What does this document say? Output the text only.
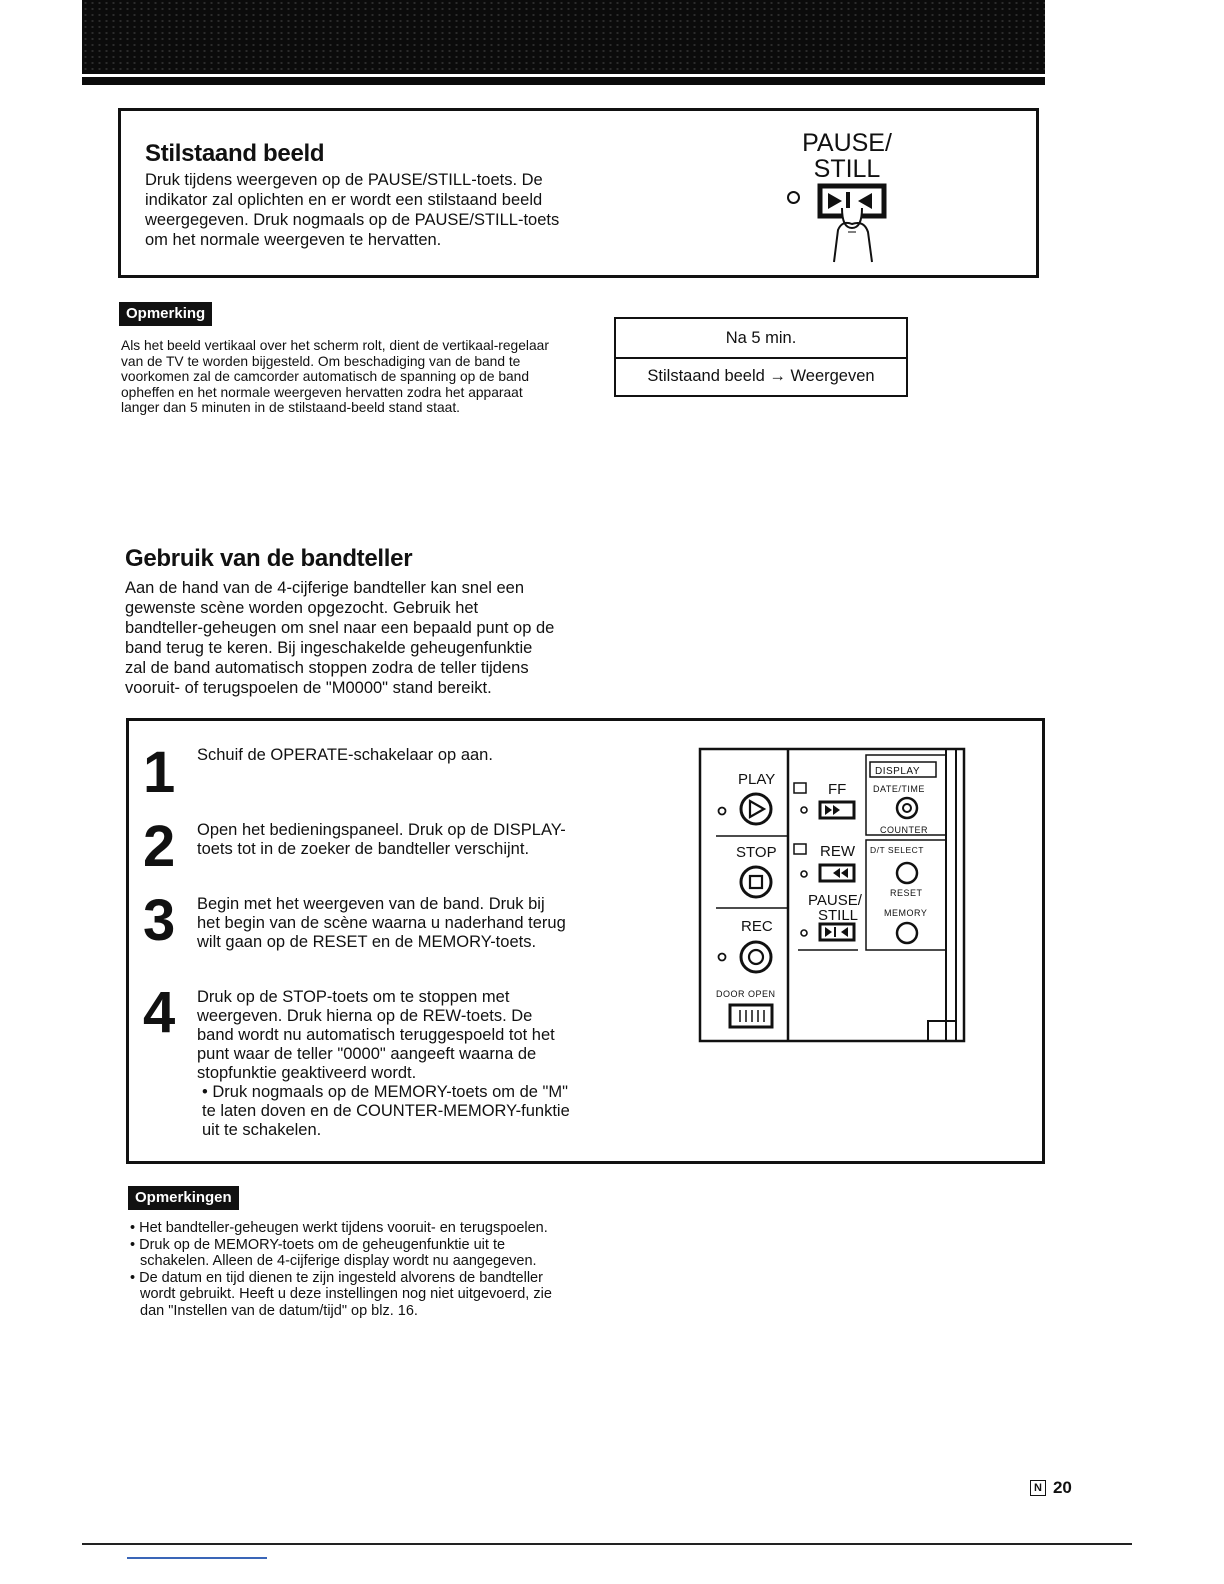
Stilstaand beeld
Druk tijdens weergeven op de PAUSE/STILL-toets. De indikator zal oplichten en er wordt een stilstaand beeld weergegeven. Druk nogmaals op de PAUSE/STILL-toets om het normale weergeven te hervatten.
PAUSE/
STILL
Opmerking
Als het beeld vertikaal over het scherm rolt, dient de vertikaal-regelaar van de TV te worden bijgesteld. Om beschadiging van de band te voorkomen zal de camcorder automatisch de spanning op de band opheffen en het normale weergeven hervatten zodra het apparaat langer dan 5 minuten in de stilstaand-beeld stand staat.
Na 5 min.
Stilstaand beeld → Weergeven
Gebruik van de bandteller
Aan de hand van de 4-cijferige bandteller kan snel een gewenste scène worden opgezocht. Gebruik het bandteller-geheugen om snel naar een bepaald punt op de band terug te keren. Bij ingeschakelde geheugenfunktie zal de band automatisch stoppen zodra de teller tijdens vooruit- of terugspoelen de "M0000" stand bereikt.
1 Schuif de OPERATE-schakelaar op aan.
2 Open het bedieningspaneel. Druk op de DISPLAY-toets tot in de zoeker de bandteller verschijnt.
3 Begin met het weergeven van de band. Druk bij het begin van de scène waarna u naderhand terug wilt gaan op de RESET en de MEMORY-toets.
4 Druk op de STOP-toets om te stoppen met weergeven. Druk hierna op de REW-toets. De band wordt nu automatisch teruggespoeld tot het punt waar de teller "0000" aangeeft waarna de stopfunktie geaktiveerd wordt.
• Druk nogmaals op de MEMORY-toets om de "M" te laten doven en de COUNTER-MEMORY-funktie uit te schakelen.
PLAY
STOP
REC
DOOR OPEN
FF
REW
PAUSE/
STILL
DISPLAY
DATE/TIME
COUNTER
D/T SELECT
RESET
MEMORY
Opmerkingen

• Het bandteller-geheugen werkt tijdens vooruit- en terugspoelen.

• Druk op de MEMORY-toets om de geheugenfunktie uit te schakelen. Alleen de 4-cijferige display wordt nu aangegeven.

• De datum en tijd dienen te zijn ingesteld alvorens de bandteller wordt gebruikt. Heeft u deze instellingen nog niet uitgevoerd, zie dan "Instellen van de datum/tijd" op blz. 16.

N 20
